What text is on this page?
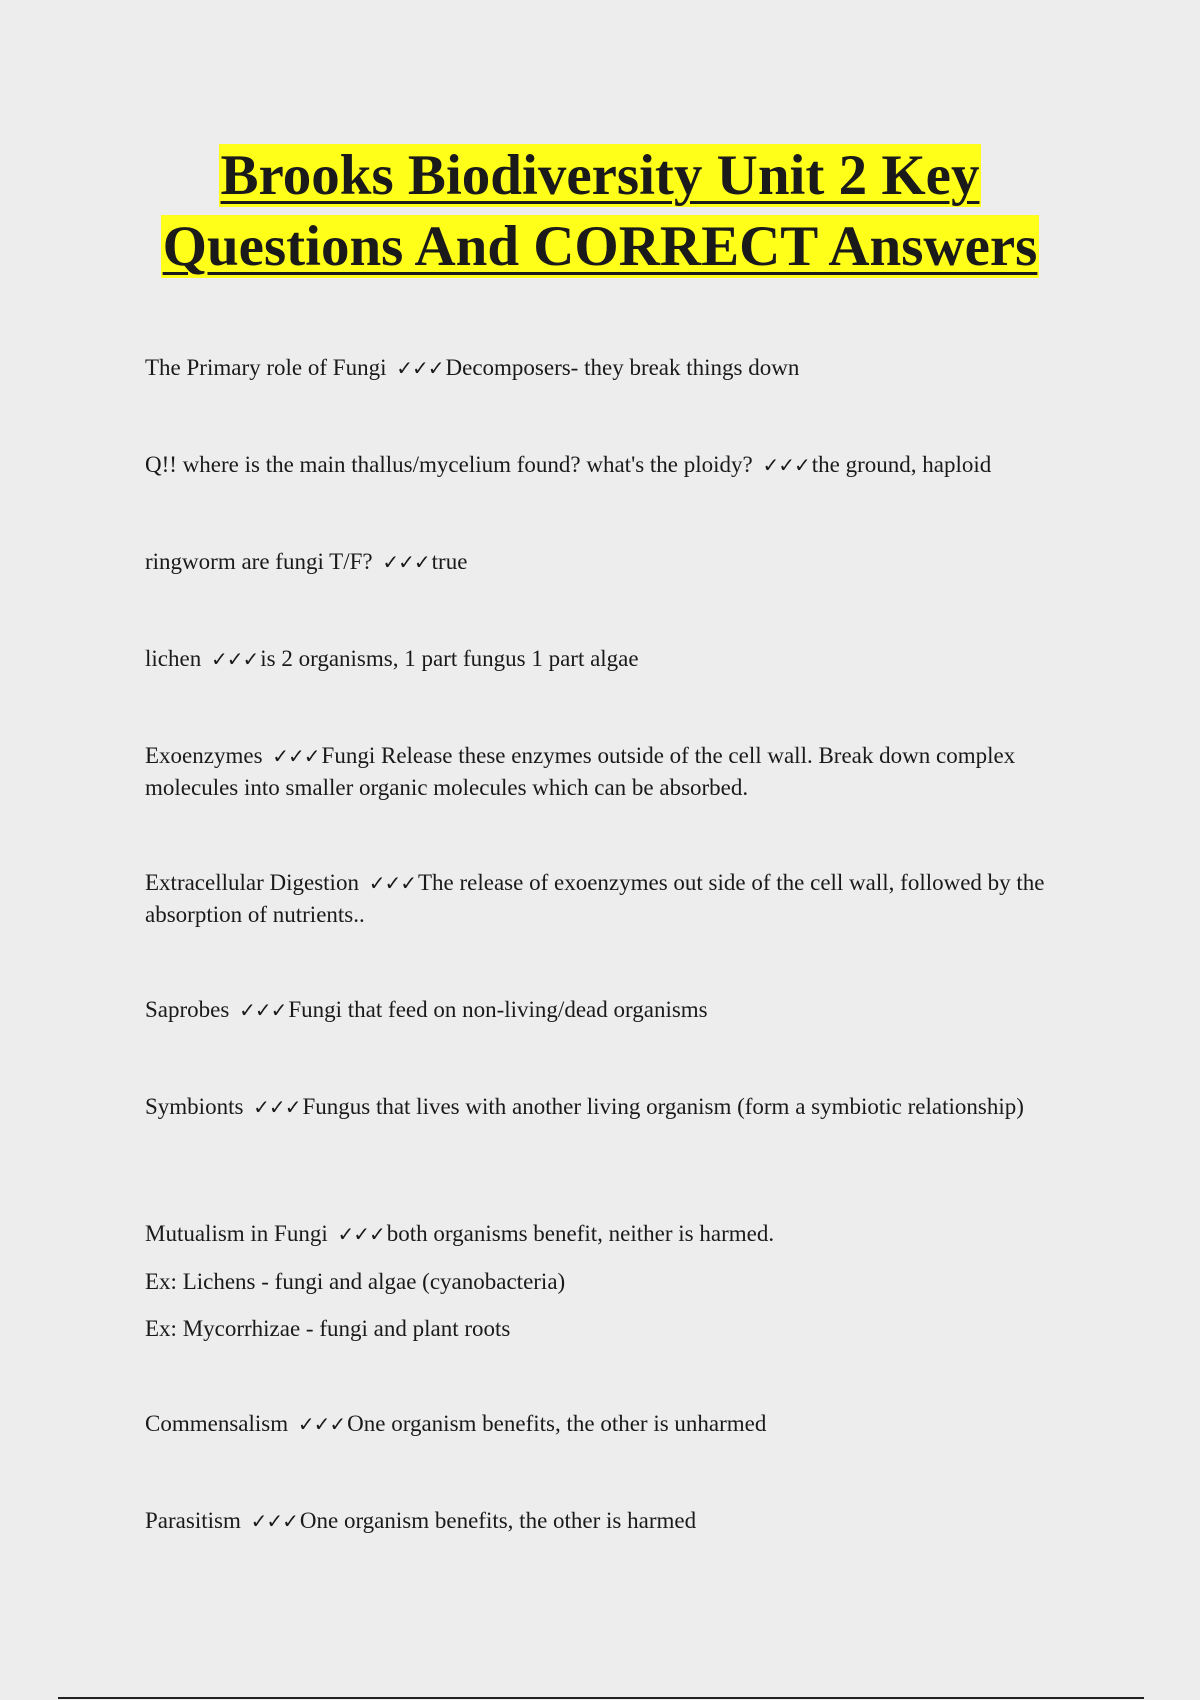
Brooks Biodiversity Unit 2 Key
Questions And CORRECT Answers

The Primary role of Fungi ✓✓✓Decomposers- they break things down

Q!! where is the main thallus/mycelium found? what's the ploidy? ✓✓✓the ground, haploid

ringworm are fungi T/F? ✓✓✓true

lichen ✓✓✓is 2 organisms, 1 part fungus 1 part algae

Exoenzymes ✓✓✓Fungi Release these enzymes outside of the cell wall. Break down complex molecules into smaller organic molecules which can be absorbed.

Extracellular Digestion ✓✓✓The release of exoenzymes out side of the cell wall, followed by the absorption of nutrients..

Saprobes ✓✓✓Fungi that feed on non-living/dead organisms

Symbionts ✓✓✓Fungus that lives with another living organism (form a symbiotic relationship)

Mutualism in Fungi ✓✓✓both organisms benefit, neither is harmed.
Ex: Lichens - fungi and algae (cyanobacteria)
Ex: Mycorrhizae - fungi and plant roots

Commensalism ✓✓✓One organism benefits, the other is unharmed

Parasitism ✓✓✓One organism benefits, the other is harmed
